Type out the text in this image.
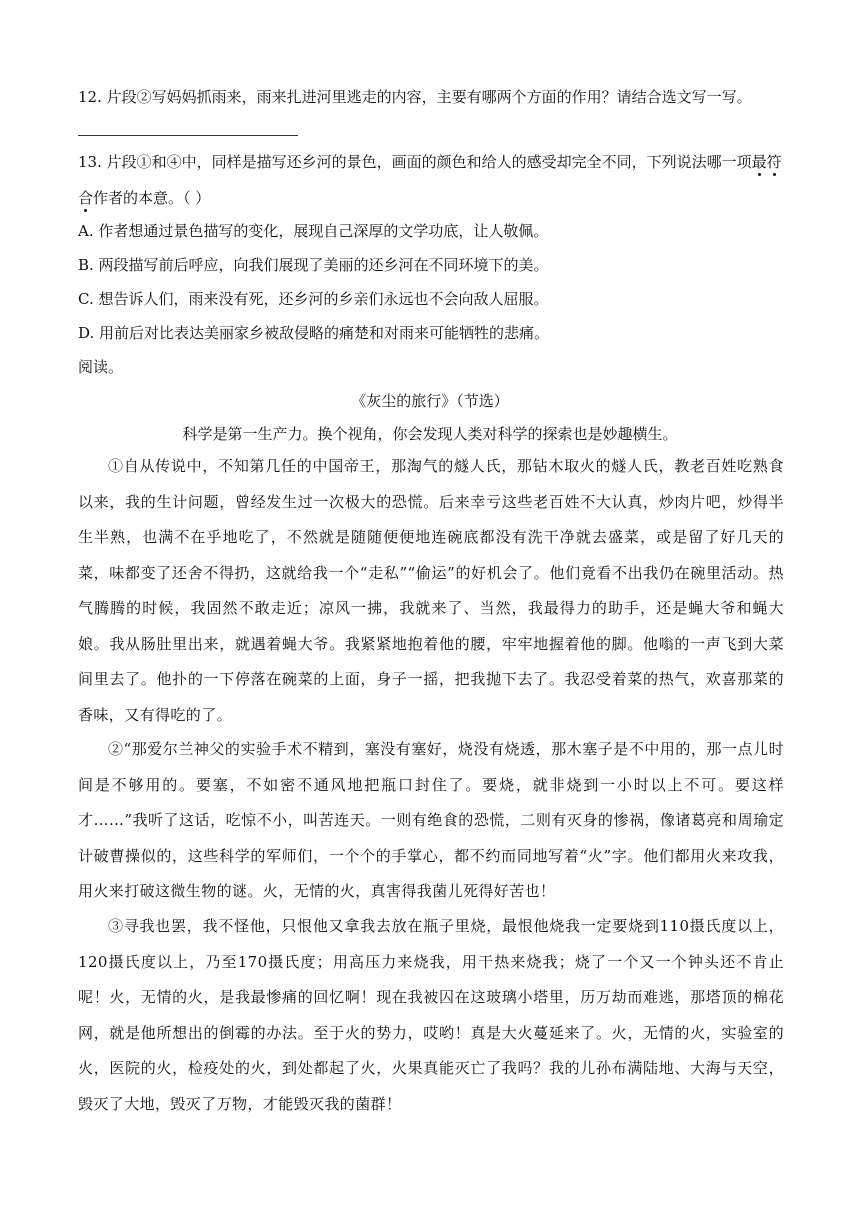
12. 片段②写妈妈抓雨来，雨来扎进河里逃走的内容，主要有哪两个方面的作用？请结合选文写一写。
13. 片段①和④中，同样是描写还乡河的景色，画面的颜色和给人的感受却完全不同，下列说法哪一项最符
合作者的本意。（ ）
A. 作者想通过景色描写的变化，展现自己深厚的文学功底，让人敬佩。
B. 两段描写前后呼应，向我们展现了美丽的还乡河在不同环境下的美。
C. 想告诉人们，雨来没有死，还乡河的乡亲们永远也不会向敌人屈服。
D. 用前后对比表达美丽家乡被敌侵略的痛楚和对雨来可能牺牲的悲痛。
阅读。
《灰尘的旅行》（节选）
科学是第一生产力。换个视角，你会发现人类对科学的探索也是妙趣横生。
①自从传说中，不知第几任的中国帝王，那淘气的燧人氏，那钻木取火的燧人氏，教老百姓吃熟食以来，我的生计问题，曾经发生过一次极大的恐慌。后来幸亏这些老百姓不大认真，炒肉片吧，炒得半生半熟，也满不在乎地吃了，不然就是随随便便地连碗底都没有洗干净就去盛菜，或是留了好几天的菜，味都变了还舍不得扔，这就给我一个“走私”“偷运”的好机会了。他们竟看不出我仍在碗里活动。热气腾腾的时候，我固然不敢走近；凉风一拂，我就来了、当然，我最得力的助手，还是蝇大爷和蝇大娘。我从肠肚里出来，就遇着蝇大爷。我紧紧地抱着他的腰，牢牢地握着他的脚。他嗡的一声飞到大菜间里去了。他扑的一下停落在碗菜的上面，身子一摇，把我抛下去了。我忍受着菜的热气，欢喜那菜的香味，又有得吃的了。
②“那爱尔兰神父的实验手术不精到，塞没有塞好，烧没有烧透，那木塞子是不中用的，那一点儿时间是不够用的。要塞，不如密不通风地把瓶口封住了。要烧，就非烧到一小时以上不可。要这样才……”我听了这话，吃惊不小，叫苦连天。一则有绝食的恐慌，二则有灭身的惨祸，像诸葛亮和周瑜定计破曹操似的，这些科学的军师们，一个个的手掌心，都不约而同地写着“火”字。他们都用火来攻我，用火来打破这微生物的谜。火，无情的火，真害得我菌儿死得好苦也！
③寻我也罢，我不怪他，只恨他又拿我去放在瓶子里烧，最恨他烧我一定要烧到110摄氏度以上，120摄氏度以上，乃至170摄氏度；用高压力来烧我，用干热来烧我；烧了一个又一个钟头还不肯止呢！火，无情的火，是我最惨痛的回忆啊！现在我被囚在这玻璃小塔里，历万劫而难逃，那塔顶的棉花网，就是他所想出的倒霉的办法。至于火的势力，哎哟！真是大火蔓延来了。火，无情的火，实验室的火，医院的火，检疫处的火，到处都起了火，火果真能灭亡了我吗？我的儿孙布满陆地、大海与天空，毁灭了大地，毁灭了万物，才能毁灭我的菌群！
